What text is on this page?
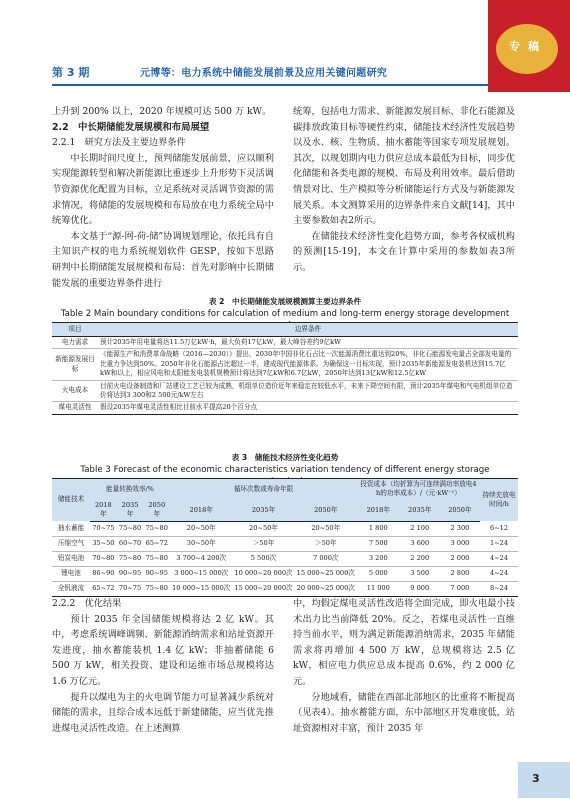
第 3 期	元博等：电力系统中储能发展前景及应用关键问题研究
专稿

上升到 200% 以上，2020 年规模可达 500 万 kW。

2.2　中长期储能发展规模和布局展望

2.2.1　研究方法及主要边界条件

中长期时间尺度上，预判储能发展前景，应以顺利实现能源转型和解决新能源比重逐步上升形势下灵活调节资源优化配置为目标，立足系统对灵活调节资源的需求情况，将储能的发展规模和布局放在电力系统全局中统筹优化。

本文基于“源-网-荷-储”协调规划理论，依托具有自主知识产权的电力系统规划软件 GESP，按如下思路研判中长期储能发展规模和布局：首先对影响中长期储能发展的重要边界条件进行

统筹，包括电力需求、新能源发展目标、非化石能源及碳排放政策目标等硬性约束，储能技术经济性发展趋势以及水、核、生物质、抽水蓄能等国家专项发展规划。其次，以规划期内电力供应总成本最低为目标，同步优化储能和各类电源的规模、布局及利用效率。最后借助情景对比、生产模拟等分析储能运行方式及与新能源发展关系。本文测算采用的边界条件来自文献[14]，其中主要参数如表2所示。

在储能技术经济性变化趋势方面，参考各权威机构的预测[15-19]，本文在计算中采用的参数如表3所示。

表 2　中长期储能发展规模测算主要边界条件
Table 2 Main boundary conditions for calculation of medium and long-term energy storage development
项目	边界条件
电力需求	预计2035年用电量将达11.5万亿kW·h，最大负荷17亿kW，最大峰谷差约9亿kW
新能源发展目标	《能源生产和消费革命战略（2016—2030）》提出，2030年中国非化石占比一次能源消费比重达到20%，非化石能源发电量占全部发电量的比重力争达到50%。2050年非化石能源占比超过一半，建成现代能源体系。为确保这一目标实现，预计2035年新能源发电装机达到15.7亿kW和以上，相应风电和太阳能发电装机规模预计将达到7亿kW和6.7亿kW，2050年达到13亿kW和12.5亿kW
火电成本	目前火电设备制造和厂站建设工艺已较为成熟，机组单位造价近年来稳定在较低水平，未来下降空间有限，预计2035年煤电和气电机组单位造价将达到3 300和2 500元/kW左右
煤电灵活性	假设2035年煤电灵活性相比目前水平提高20个百分点
表 3　储能技术经济性变化趋势
Table 3 Forecast of the economic characteristics variation tendency of different energy storage
储能技术	能量转换效率/%			循环次数或寿命年限			投资成本（均折算为可连续满功率放电4 h的功率成本）/（元·kW⁻¹）			持续充放电时间/h
	2018年	2035年	2050年	2018年	2035年	2050年	2018年	2035年	2050年	
抽水蓄能	70~75	75~80	75~80	20~50年	20~50年	20~50年	1 800	2 100	2 300	6~12
压缩空气	35~50	60~70	65~72	30~50年	＞50年	＞50年	7 500	3 600	3 000	1~24
铅炭电池	70~80	75~80	75~80	3 700~4 200次	5 500次	7 000次	3 200	2 200	2 000	4~24
锂电池	86~90	90~95	90~95	3 000~15 000次	10 000~20 000次	15 000~25 000次	5 000	3 500	2 800	4~24
全钒液流	65~72	70~75	75~80	10 000~15 000次	15 000~20 000次	20 000~25 000次	11 000	9 000	7 000	8~24

2.2.2　优化结果

预计 2035 年全国储能规模将达 2 亿 kW。其中，考虑系统调峰调频、新能源消纳需求和站址资源开发进度，抽水蓄能装机 1.4 亿 kW；非抽蓄储能 6 500 万 kW，相关投资、建设和运维市场总规模将达 1.6 万亿元。

提升以煤电为主的火电调节能力可显著减少系统对储能的需求，且综合成本远低于新建储能，应当优先推进煤电灵活性改造。在上述测算

中，均假定煤电灵活性改造将全面完成，即火电最小技术出力比当前降低 20%。反之，若煤电灵活性一直维持当前水平，则为满足新能源消纳需求，2035 年储能需求将再增加 4 500 万 kW，总规模将达 2.5 亿 kW，相应电力供应总成本提高 0.6%，约 2 000 亿元。

分地域看，储能在西部北部地区的比重将不断提高（见表4）。抽水蓄能方面，东中部地区开发难度低，站址资源相对丰富，预计 2035 年

3
